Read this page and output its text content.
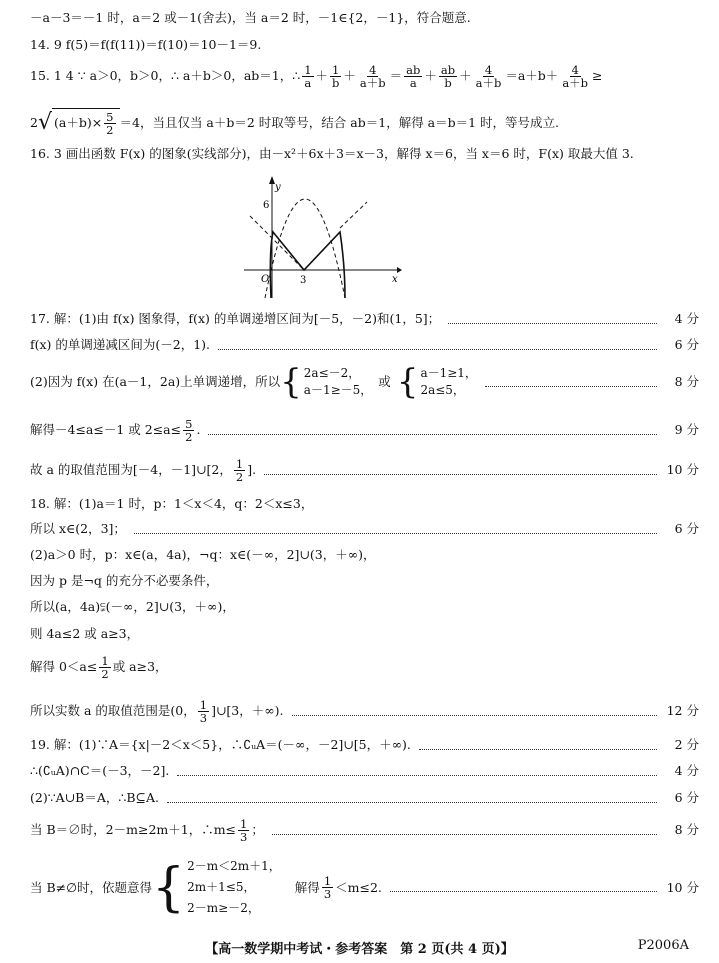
－a－3＝－1 时，a＝2 或－1(舍去)，当 a＝2 时，－1∈{2，－1}，符合题意.
14. 9 f(5)＝f(f(11))＝f(10)＝10－1＝9.
15. 1 4 ∵ a＞0，b＞0，∴ a＋b＞0，ab＝1，∴ $\frac{1}{a} + \frac{1}{b} + \frac{4}{a+b} = \frac{ab}{a} + \frac{ab}{b} + \frac{4}{a+b} =a+b+ \frac{4}{a+b}$ ≥
2 √ $(a+b)\times \frac{5}{2} =4$，当且仅当 a＋b＝2 时取等号，结合 ab＝1，解得 a＝b＝1 时，等号成立.
16. 3 画出函数 F(x) 的图象(实线部分)，由－x²＋6x＋3＝x－3，解得 x＝6，当 x＝6 时，F(x) 取最大值 3.
y
x
O	3
6
17. 解：(1)由 f(x) 图象得，f(x) 的单调递增区间为[－5，－2)和(1，5]；	4 分
f(x) 的单调递减区间为(－2，1).	6 分
(2)因为 f(x) 在(a－1，2a)上单调递增，所以 { 2a≤－2，
a－1≥－5，
或 { a－1≥1，
2a≤5，
8 分
解得－4≤a≤－1 或 $2\le a\le \frac{5}{2}$ .	9 分
故 a 的取值范围为[－4，－1]∪[2， $\frac{1}{2}$ ].	10 分
18. 解：(1)a＝1 时，p：1＜x＜4，q：2＜x≤3，
所以 x∈(2，3]；	6 分
(2)a＞0 时，p：x∈(a，4a)，¬q：x∈(－∞，2]∪(3，＋∞)，
因为 p 是¬q 的充分不必要条件，
所以(a，4a)⫋(－∞，2]∪(3，＋∞)，
则 4a≤2 或 a≥3，
解得 $0<a\le \frac{1}{2}$ 或 a≥3，
所以实数 a 的取值范围是(0， $\frac{1}{3}$ ]∪[3，＋∞).	12 分
19. 解：(1)∵A＝{x|－2＜x＜5}，∴∁ᵤA＝(－∞，－2]∪[5，＋∞).	2 分
∴(∁ᵤA)∩C＝(－3，－2].	4 分
(2)∵A∪B＝A，∴B⊆A.	6 分
当 B＝∅时，2－m≥2m＋1，∴m≤ $\frac{1}{3}$ ；	8 分
当 B≠∅时，依题意得 { 2－m＜2m＋1，
2m＋1≤5，
2－m≥－2，
解得 $\frac{1}{3} <m\le 2$.	10 分
【高一数学期中考试・参考答案　第 2 页(共 4 页)】	P2006A
